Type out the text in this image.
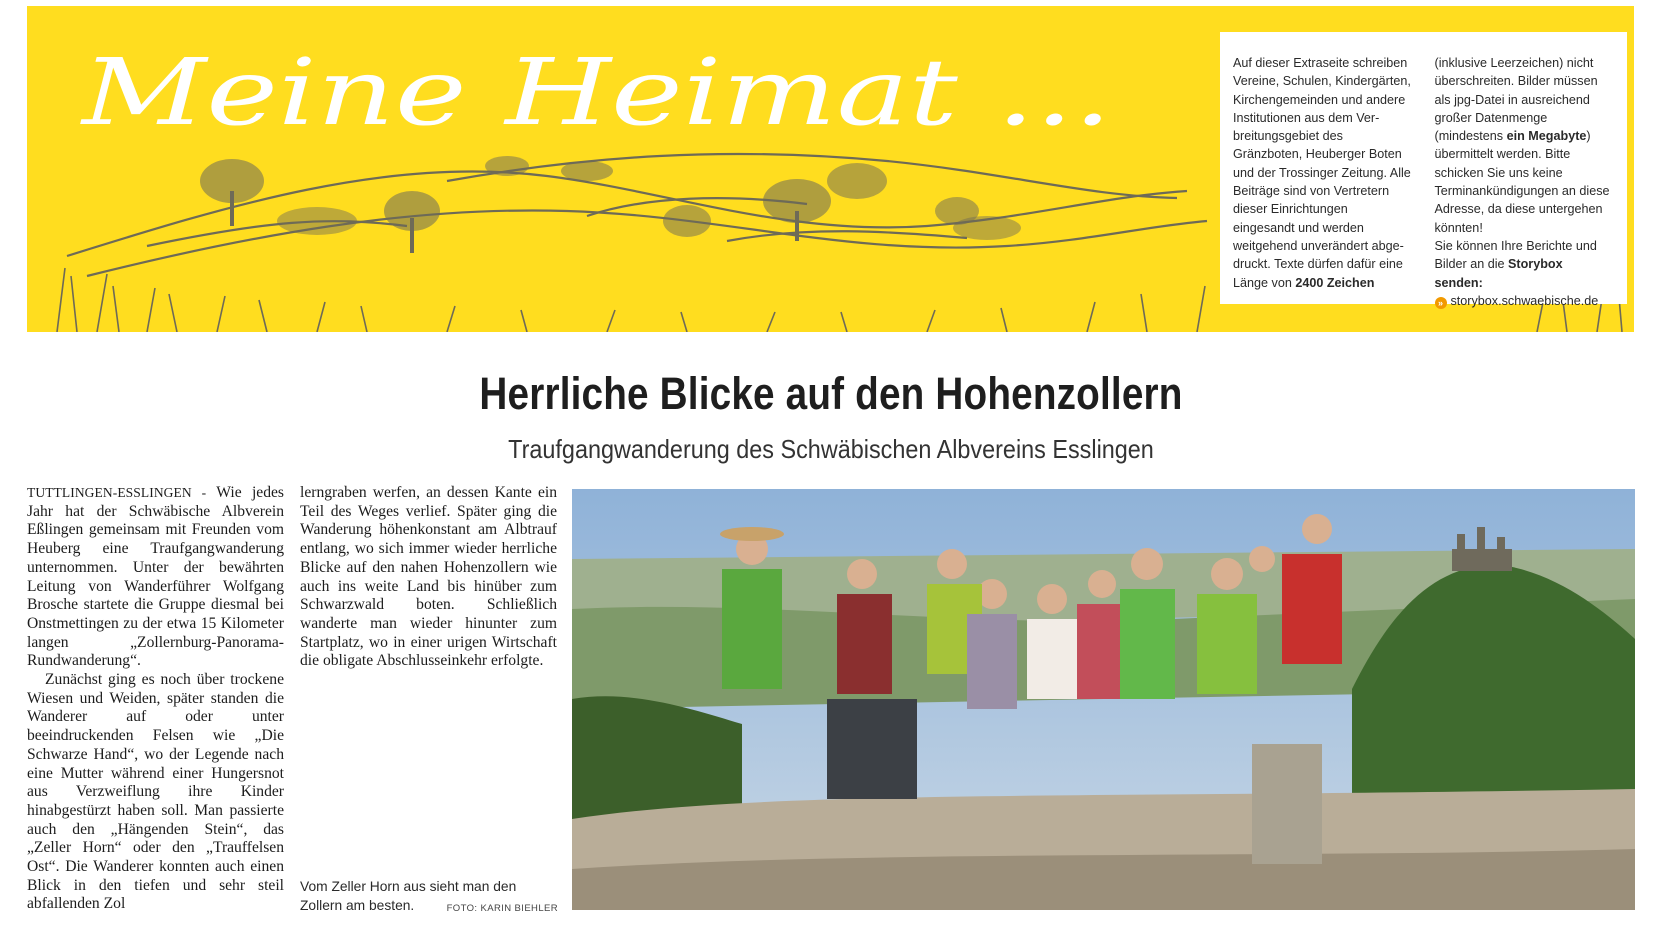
Meine Heimat ...	Auf dieser Extraseite schreiben Vereine, Schulen, Kindergärten, Kirchengemeinden und andere Institutionen aus dem Verbreitungsgebiet des Gränzboten, Heuberger Boten und der Trossinger Zeitung. Alle Beiträge sind von Vertretern dieser Einrichtungen eingesandt und werden weitgehend unverändert abgedruckt. Texte dürfen dafür eine Länge von 2400 Zeichen

(inklusive Leerzeichen) nicht überschreiten. Bilder müssen als jpg-Datei in ausreichend großer Datenmenge (mindestens ein Megabyte) übermittelt werden. Bitte schicken Sie uns keine Terminankündigungen an diese Adresse, da diese untergehen könnten!

Sie können Ihre Berichte und Bilder an die Storybox senden:

» storybox.schwaebische.de

Herrliche Blicke auf den Hohenzollern
Traufgangwanderung des Schwäbischen Albvereins Esslingen

TUTTLINGEN-ESSLINGEN - Wie jedes Jahr hat der Schwäbische Albverein Eßlingen gemeinsam mit Freunden vom Heuberg eine Traufgangwanderung unternommen. Unter der bewährten Leitung von Wanderführer Wolfgang Brosche startete die Gruppe diesmal bei Onstmettingen zu der etwa 15 Kilometer langen „Zollernburg-Panorama-Rundwanderung“.

Zunächst ging es noch über trockene Wiesen und Weiden, später standen die Wanderer auf oder unter beeindruckenden Felsen wie „Die Schwarze Hand“, wo der Legende nach eine Mutter während einer Hungersnot aus Verzweiflung ihre Kinder hinabgestürzt haben soll. Man passierte auch den „Hängenden Stein“, das „Zeller Horn“ oder den „Trauffelsen Ost“. Die Wanderer konnten auch einen Blick in den tiefen und sehr steil abfallenden Zol

lerngraben werfen, an dessen Kante ein Teil des Weges verlief. Später ging die Wanderung höhenkonstant am Albtrauf entlang, wo sich immer wieder herrliche Blicke auf den nahen Hohenzollern wie auch ins weite Land bis hinüber zum Schwarzwald boten. Schließlich wanderte man wieder hinunter zum Startplatz, wo in einer urigen Wirtschaft die obligate Abschlusseinkehr erfolgte.

Vom Zeller Horn aus sieht man den Zollern am besten.	FOTO: KARIN BIEHLER
